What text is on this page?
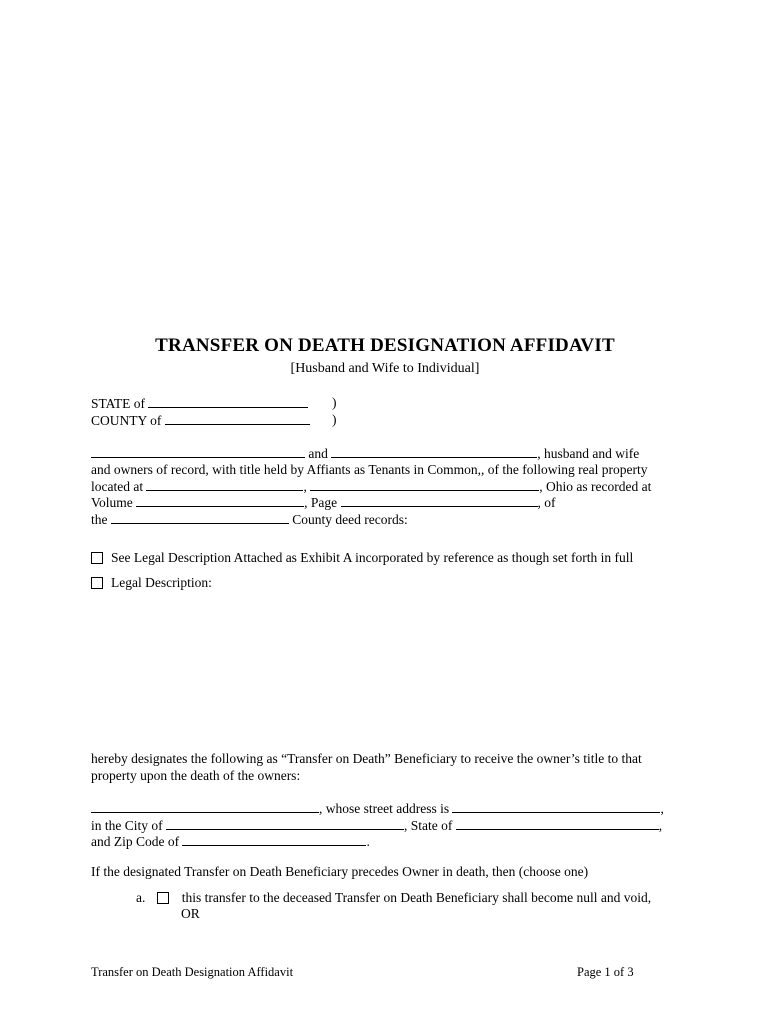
TRANSFER ON DEATH DESIGNATION AFFIDAVIT
[Husband and Wife to Individual]
STATE of	)
COUNTY of	)
and	, husband and wife
and owners of record, with title held by Affiants as Tenants in Common,, of the following real property
located at	,	, Ohio as recorded at
Volume	, Page	, of
the	County deed records:
See Legal Description Attached as Exhibit A incorporated by reference as though set forth in full
Legal Description:
hereby designates the following as “Transfer on Death” Beneficiary to receive the owner’s title to that
property upon the death of the owners:
, whose street address is	,
in the City of	, State of	,
and Zip Code of	.
If the designated Transfer on Death Beneficiary precedes Owner in death, then (choose one)
a.	this transfer to the deceased Transfer on Death Beneficiary shall become null and void,
OR
Transfer on Death Designation Affidavit	Page 1 of 3
